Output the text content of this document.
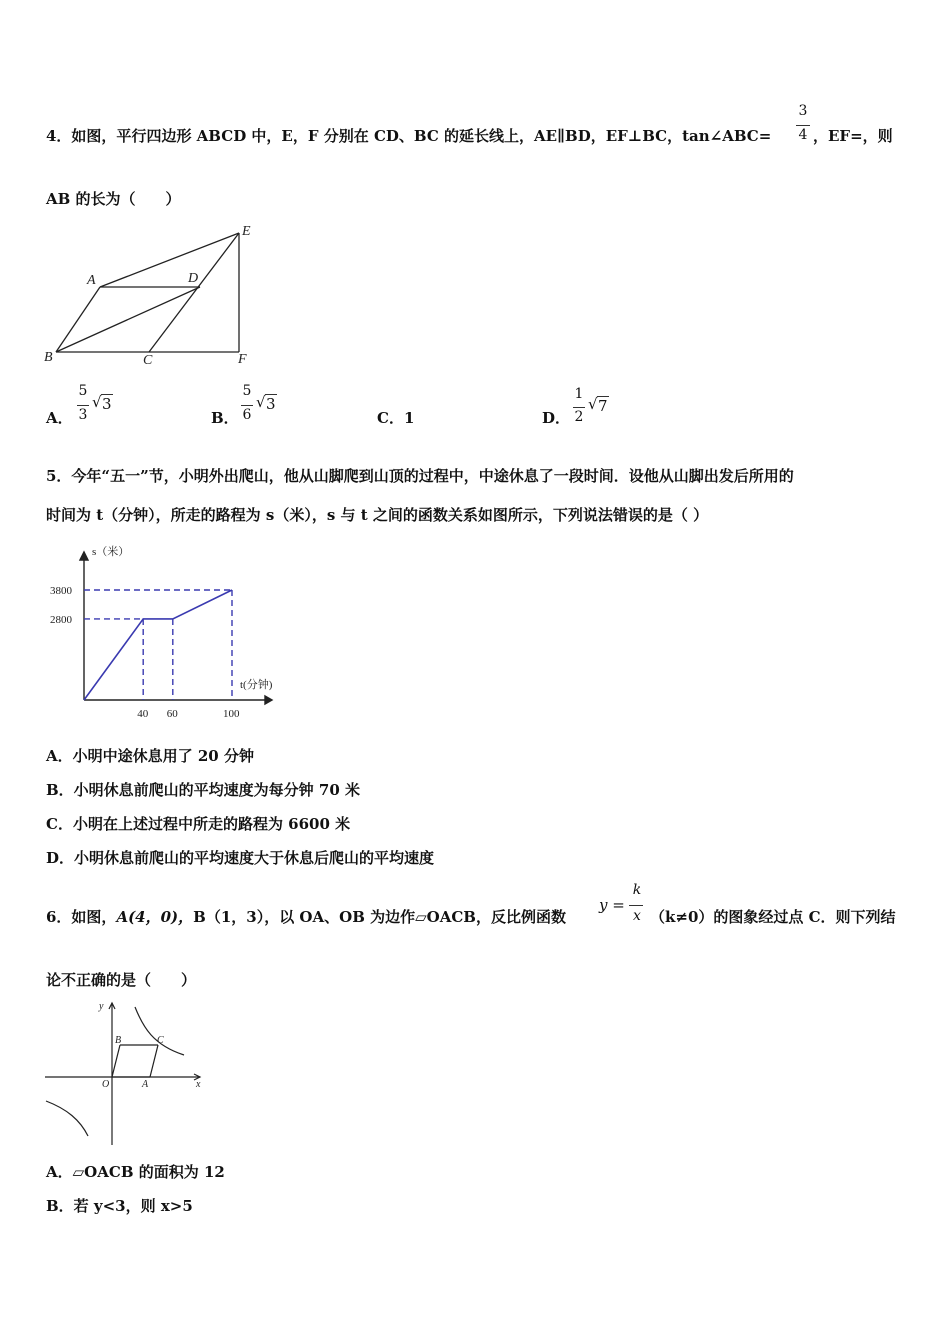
3
4
4．如图，平行四边形 ABCD 中，E，F 分别在 CD、BC 的延长线上，AE∥BD，EF⊥BC，tan∠ABC=	，EF=，则
AB 的长为（　　）
A	D
E
B	C	F
A．
5
3
√ 3
B．
5
6
√ 3
C． 1	D．
1
2
√ 7
5．今年“五一”节，小明外出爬山，他从山脚爬到山顶的过程中，中途休息了一段时间．设他从山脚出发后所用的
时间为 t（分钟），所走的路程为 s（米），s 与 t 之间的函数关系如图所示，下列说法错误的是（ ）
s（米）
t(分钟)
2800
3800
40 60	100
A．小明中途休息用了 20 分钟
B．小明休息前爬山的平均速度为每分钟 70 米
C．小明在上述过程中所走的路程为 6600 米
D．小明休息前爬山的平均速度大于休息后爬山的平均速度
6．如图，A(4，0)，B（1，3），以 OA、OB 为边作▱OACB，反比例函数
y =
k
x （k≠0）的图象经过点 C．则下列结
论不正确的是（　　）
y
B	C
O	A	x
A．▱OACB 的面积为 12
B．若 y<3，则 x>5
